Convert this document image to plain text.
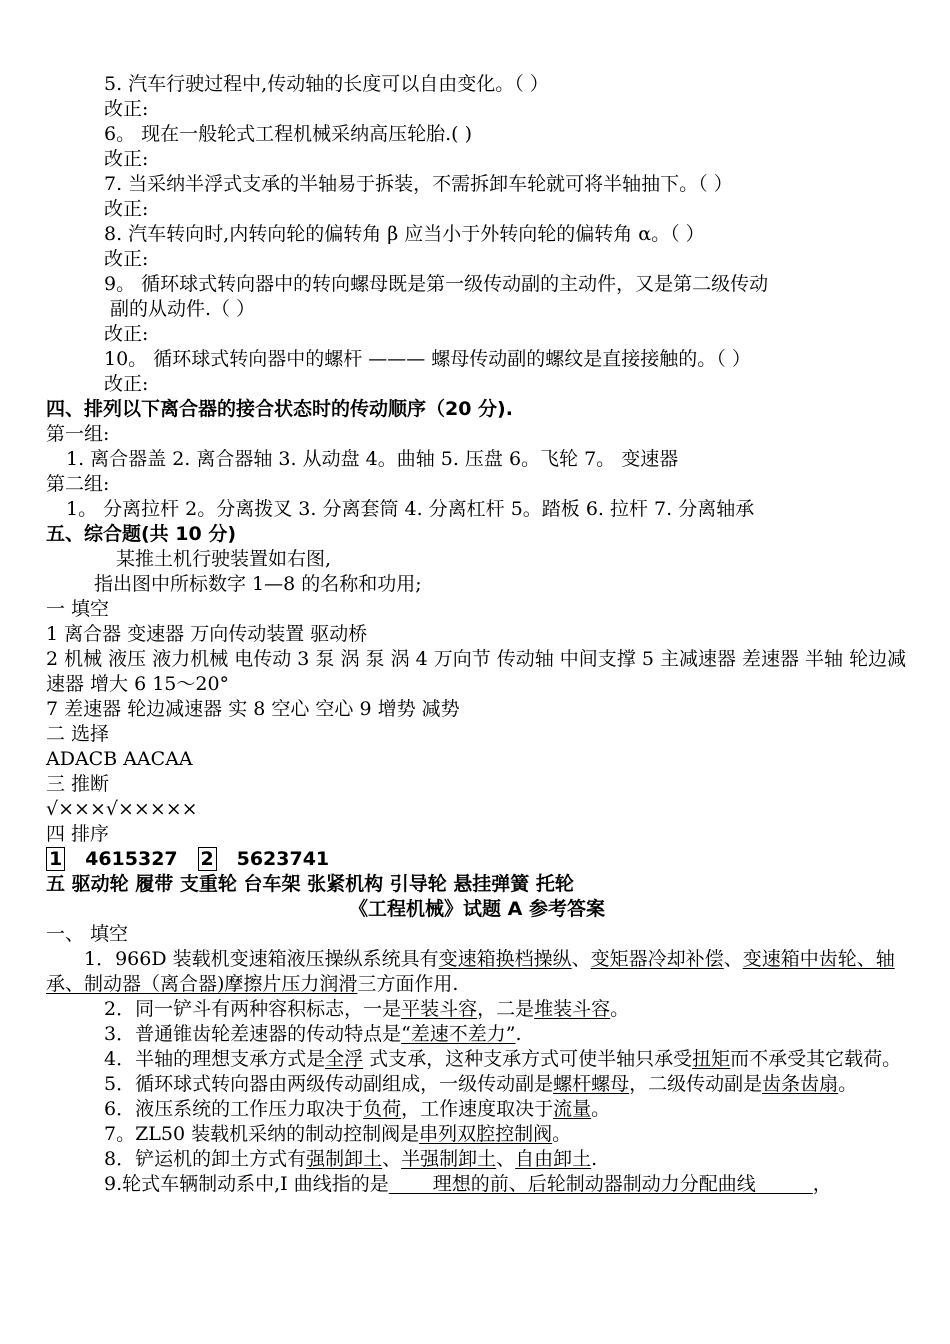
5. 汽车行驶过程中,传动轴的长度可以自由变化。（ ）
改正:
6。 现在一般轮式工程机械采纳高压轮胎.( )
改正:
7. 当采纳半浮式支承的半轴易于拆装，不需拆卸车轮就可将半轴抽下。（ ）
改正:
8. 汽车转向时,内转向轮的偏转角 β 应当小于外转向轮的偏转角 α。（ ）
改正:
9。 循环球式转向器中的转向螺母既是第一级传动副的主动件，又是第二级传动
副的从动件.（ ）
改正:
10。 循环球式转向器中的螺杆 ——— 螺母传动副的螺纹是直接接触的。（ ）
改正:
四、排列以下离合器的接合状态时的传动顺序（20 分).
第一组:
1. 离合器盖 2. 离合器轴 3. 从动盘 4。曲轴 5. 压盘 6。飞轮 7。 变速器
第二组:
1。 分离拉杆 2。分离拨叉 3. 分离套筒 4. 分离杠杆 5。踏板 6. 拉杆 7. 分离轴承
五、综合题(共 10 分)
某推土机行驶装置如右图,
指出图中所标数字 1—8 的名称和功用;
一 填空
1 离合器 变速器 万向传动装置 驱动桥
2 机械 液压 液力机械 电传动 3 泵 涡 泵 涡 4 万向节 传动轴 中间支撑 5 主减速器 差速器 半轴 轮边减速器 增大 6 15～20°
7 差速器 轮边减速器 实 8 空心 空心 9 增势 减势
二 选择
ADACB AACAA
三 推断
√×××√×××××
四 排序
1 4615327 2 5623741
五 驱动轮 履带 支重轮 台车架 张紧机构 引导轮 悬挂弹簧 托轮
《工程机械》试题 A 参考答案
一、 填空
1．966D 装载机变速箱液压操纵系统具有变速箱换档操纵、变矩器冷却补偿、变速箱中齿轮、轴承、制动器（离合器)摩擦片压力润滑三方面作用.
2．同一铲斗有两种容积标志，一是平装斗容，二是堆装斗容。
3．普通锥齿轮差速器的传动特点是“差速不差力”.
4．半轴的理想支承方式是全浮 式支承，这种支承方式可使半轴只承受扭矩而不承受其它载荷。
5．循环球式转向器由两级传动副组成，一级传动副是螺杆螺母，二级传动副是齿条齿扇。
6．液压系统的工作压力取决于负荷，工作速度取决于流量。
7。ZL50 装载机采纳的制动控制阀是串列双腔控制阀。
8．铲运机的卸土方式有强制卸土、半强制卸土、自由卸土.
9.轮式车辆制动系中,I 曲线指的是　　 理想的前、后轮制动器制动力分配曲线　　　，
